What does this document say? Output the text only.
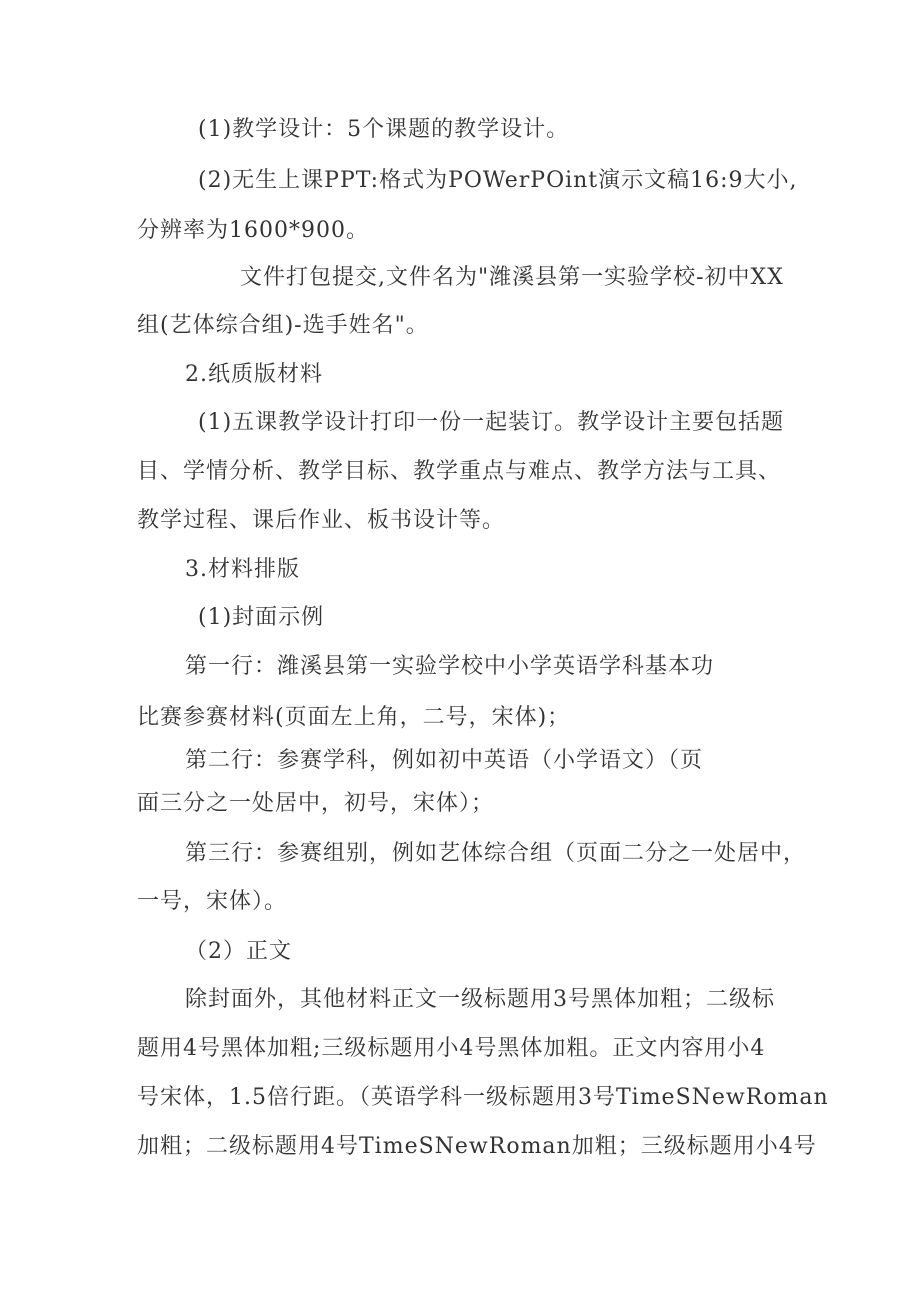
(1)教学设计：5个课题的教学设计。
(2)无生上课PPT:格式为POWerPOint演示文稿16:9大小,
分辨率为1600*900。
文件打包提交,文件名为"潍溪县第一实验学校-初中XX
组(艺体综合组)-选手姓名"。
2.纸质版材料
(1)五课教学设计打印一份一起装订。教学设计主要包括题
目、学情分析、教学目标、教学重点与难点、教学方法与工具、
教学过程、课后作业、板书设计等。
3.材料排版
(1)封面示例
第一行：潍溪县第一实验学校中小学英语学科基本功
比赛参赛材料(页面左上角，二号，宋体)；
第二行：参赛学科，例如初中英语（小学语文）（页
面三分之一处居中，初号，宋体）；
第三行：参赛组别，例如艺体综合组（页面二分之一处居中，
一号，宋体）。
（2）正文
除封面外，其他材料正文一级标题用3号黑体加粗；二级标
题用4号黑体加粗;三级标题用小4号黑体加粗。正文内容用小4
号宋体，1.5倍行距。（英语学科一级标题用3号TimeSNewRoman
加粗；二级标题用4号TimeSNewRoman加粗；三级标题用小4号
